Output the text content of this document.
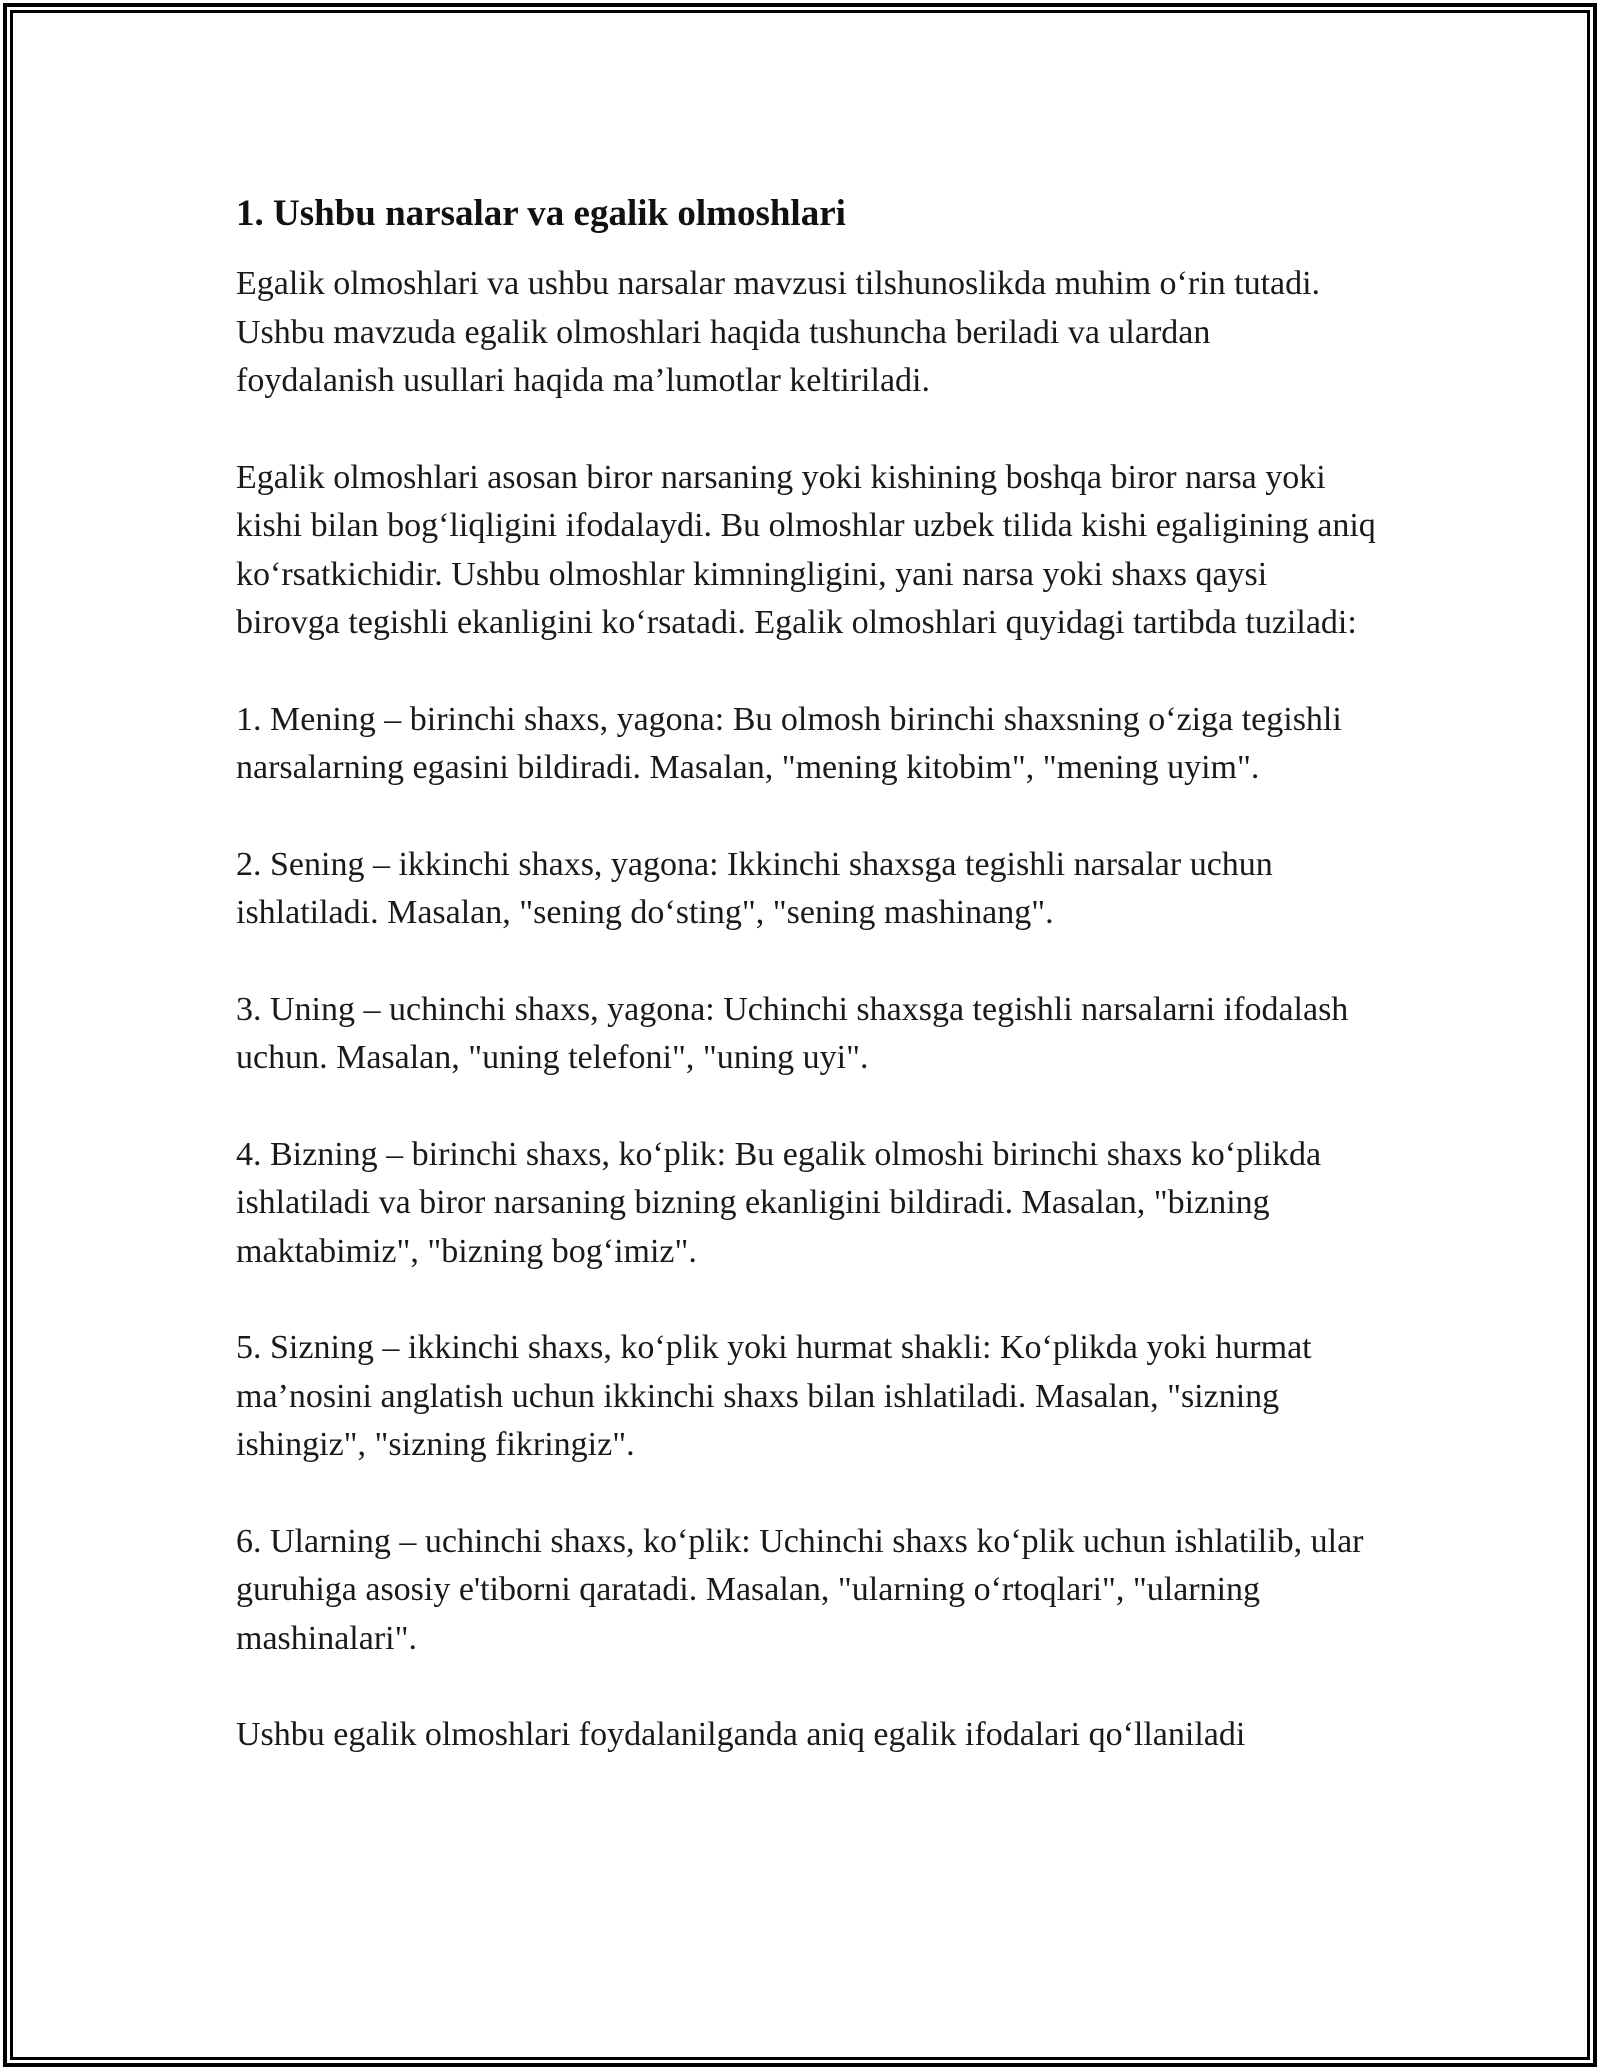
1. Ushbu narsalar va egalik olmoshlari

Egalik olmoshlari va ushbu narsalar mavzusi tilshunoslikda muhim o‘rin tutadi. Ushbu mavzuda egalik olmoshlari haqida tushuncha beriladi va ulardan foydalanish usullari haqida ma’lumotlar keltiriladi.

Egalik olmoshlari asosan biror narsaning yoki kishining boshqa biror narsa yoki kishi bilan bog‘liqligini ifodalaydi. Bu olmoshlar uzbek tilida kishi egaligining aniq ko‘rsatkichidir. Ushbu olmoshlar kimningligini, yani narsa yoki shaxs qaysi birovga tegishli ekanligini ko‘rsatadi. Egalik olmoshlari quyidagi tartibda tuziladi:

1. Mening – birinchi shaxs, yagona: Bu olmosh birinchi shaxsning o‘ziga tegishli narsalarning egasini bildiradi. Masalan, "mening kitobim", "mening uyim".

2. Sening – ikkinchi shaxs, yagona: Ikkinchi shaxsga tegishli narsalar uchun ishlatiladi. Masalan, "sening do‘sting", "sening mashinang".

3. Uning – uchinchi shaxs, yagona: Uchinchi shaxsga tegishli narsalarni ifodalash uchun. Masalan, "uning telefoni", "uning uyi".

4. Bizning – birinchi shaxs, ko‘plik: Bu egalik olmoshi birinchi shaxs ko‘plikda ishlatiladi va biror narsaning bizning ekanligini bildiradi. Masalan, "bizning maktabimiz", "bizning bog‘imiz".

5. Sizning – ikkinchi shaxs, ko‘plik yoki hurmat shakli: Ko‘plikda yoki hurmat ma’nosini anglatish uchun ikkinchi shaxs bilan ishlatiladi. Masalan, "sizning ishingiz", "sizning fikringiz".

6. Ularning – uchinchi shaxs, ko‘plik: Uchinchi shaxs ko‘plik uchun ishlatilib, ular guruhiga asosiy e'tiborni qaratadi. Masalan, "ularning o‘rtoqlari", "ularning mashinalari".

Ushbu egalik olmoshlari foydalanilganda aniq egalik ifodalari qo‘llaniladi
